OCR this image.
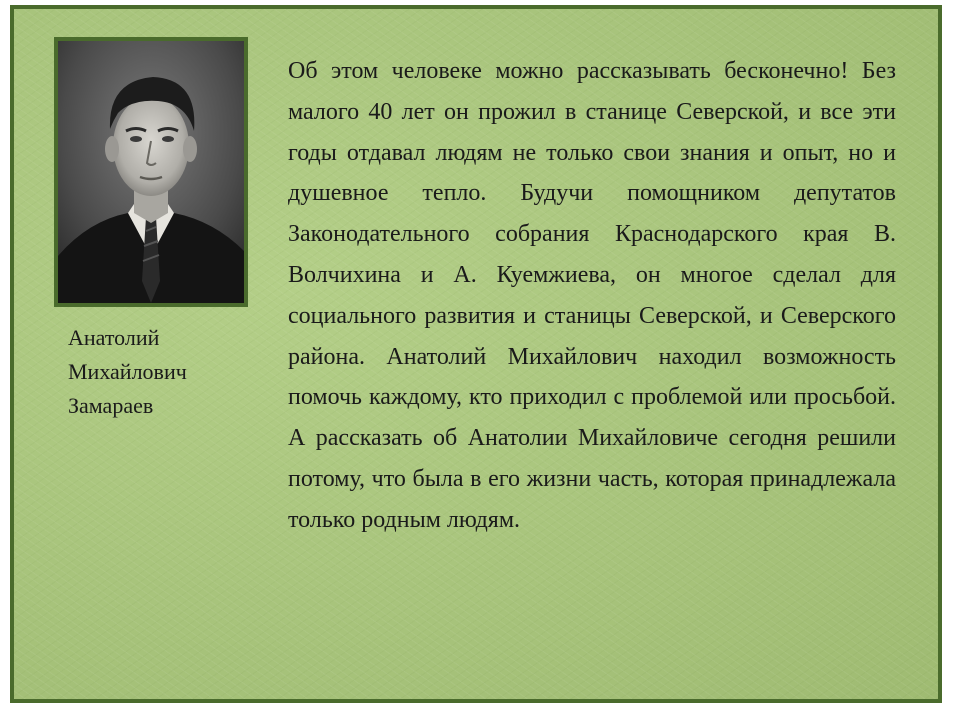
Анатолий
Михайлович
Замараев
Об этом человеке можно рассказывать бесконечно! Без малого 40 лет он прожил в станице Северской, и все эти годы отдавал людям не только свои знания и опыт, но и душевное тепло. Будучи помощником депутатов Законодательного собрания Краснодарского края В. Волчихина и А. Куемжиева, он многое сделал для социального развития и станицы Северской, и Северского района. Анатолий Михайлович находил возможность помочь каждому, кто приходил с проблемой или просьбой. А рассказать об Анатолии Михайловиче сегодня решили потому, что была в его жизни часть, которая принадлежала только родным людям.
